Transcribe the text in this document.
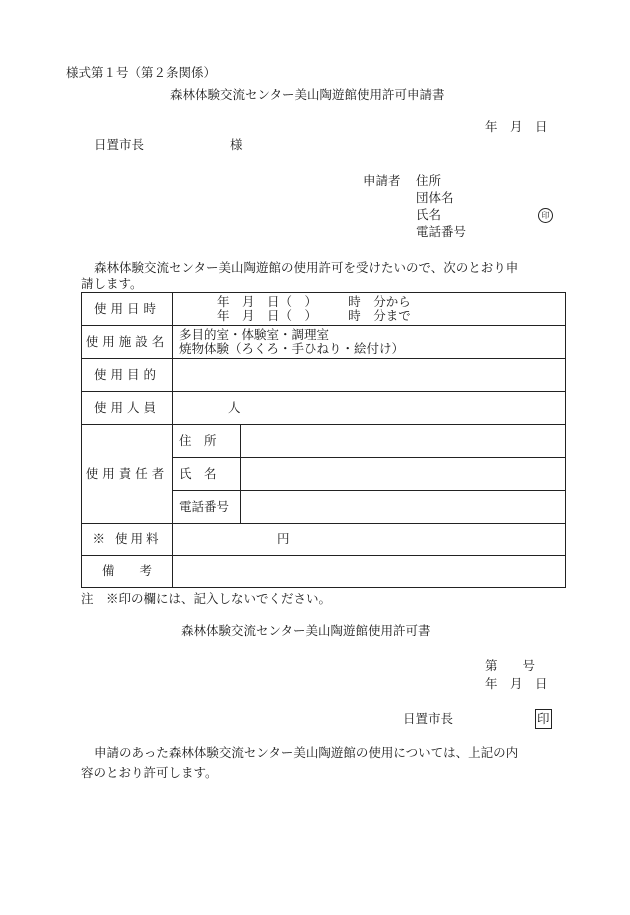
様式第１号（第２条関係）
森林体験交流センター美山陶遊館使用許可申請書
年　月　日
日置市長	様
申請者 住所
団体名
氏名	印
電話番号
森林体験交流センター美山陶遊館の使用許可を受けたいので、次のとおり申
請します。
使用日時	年　月　日（　）　　　時　分から
年　月　日（　）　　　時　分まで	

使用施設名	多目的室・体験室・調理室
焼物体験（ろくろ・手ひねり・絵付け）	

使用目的		
使用人員	人	
使用責任者	住　所	
	氏　名	
	電話番号	
※ 使用料	円	
備　　考		
注　※印の欄には、記入しないでください。
森林体験交流センター美山陶遊館使用許可書
第　　号
年　月　日
日置市長	印
申請のあった森林体験交流センター美山陶遊館の使用については、上記の内
容のとおり許可します。
